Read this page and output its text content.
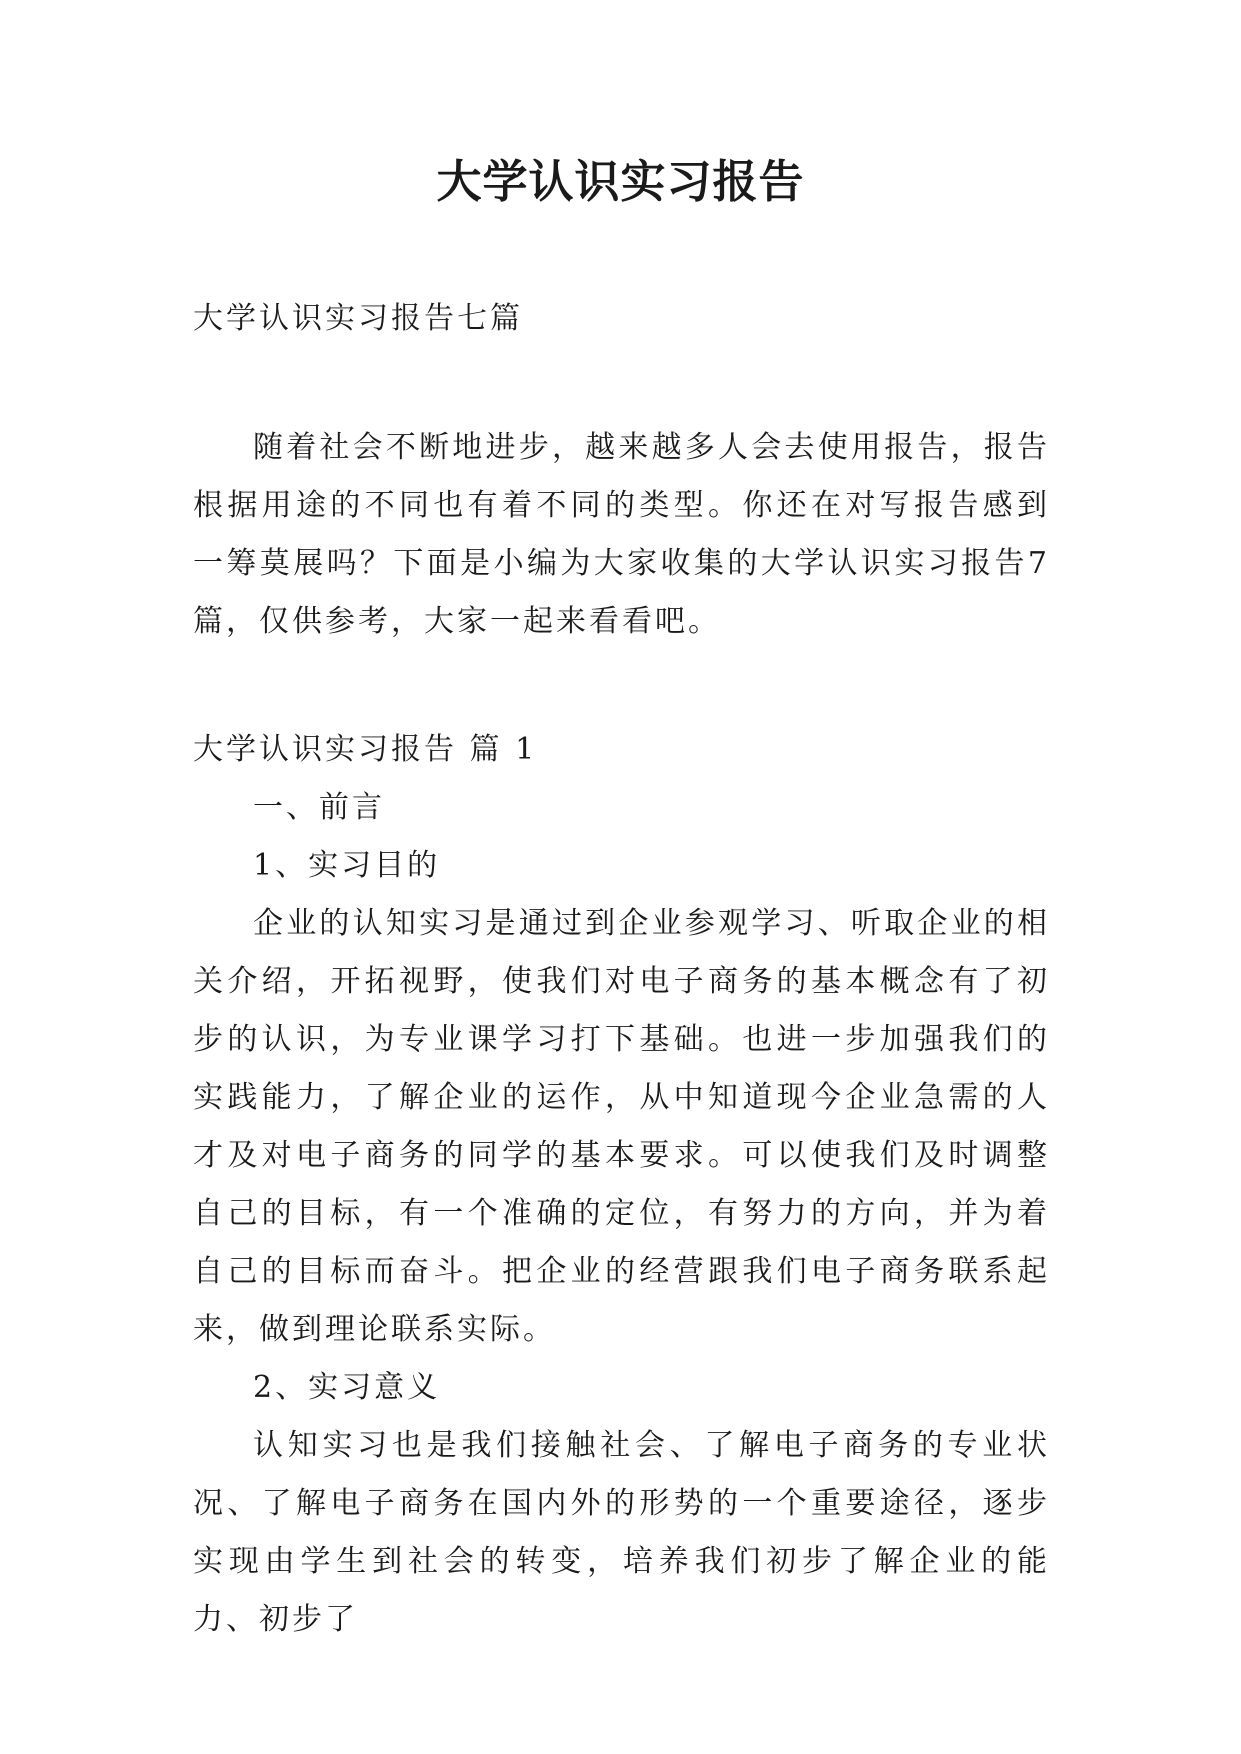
大学认识实习报告

大学认识实习报告七篇

随着社会不断地进步，越来越多人会去使用报告，报告根据用途的不同也有着不同的类型。你还在对写报告感到一筹莫展吗？下面是小编为大家收集的大学认识实习报告7篇，仅供参考，大家一起来看看吧。

大学认识实习报告 篇 1

一、前言

1、实习目的

企业的认知实习是通过到企业参观学习、听取企业的相关介绍，开拓视野，使我们对电子商务的基本概念有了初步的认识，为专业课学习打下基础。也进一步加强我们的实践能力，了解企业的运作，从中知道现今企业急需的人才及对电子商务的同学的基本要求。可以使我们及时调整自己的目标，有一个准确的定位，有努力的方向，并为着自己的目标而奋斗。把企业的经营跟我们电子商务联系起来，做到理论联系实际。

2、实习意义

认知实习也是我们接触社会、了解电子商务的专业状况、了解电子商务在国内外的形势的一个重要途径，逐步实现由学生到社会的转变，培养我们初步了解企业的能力、初步了
